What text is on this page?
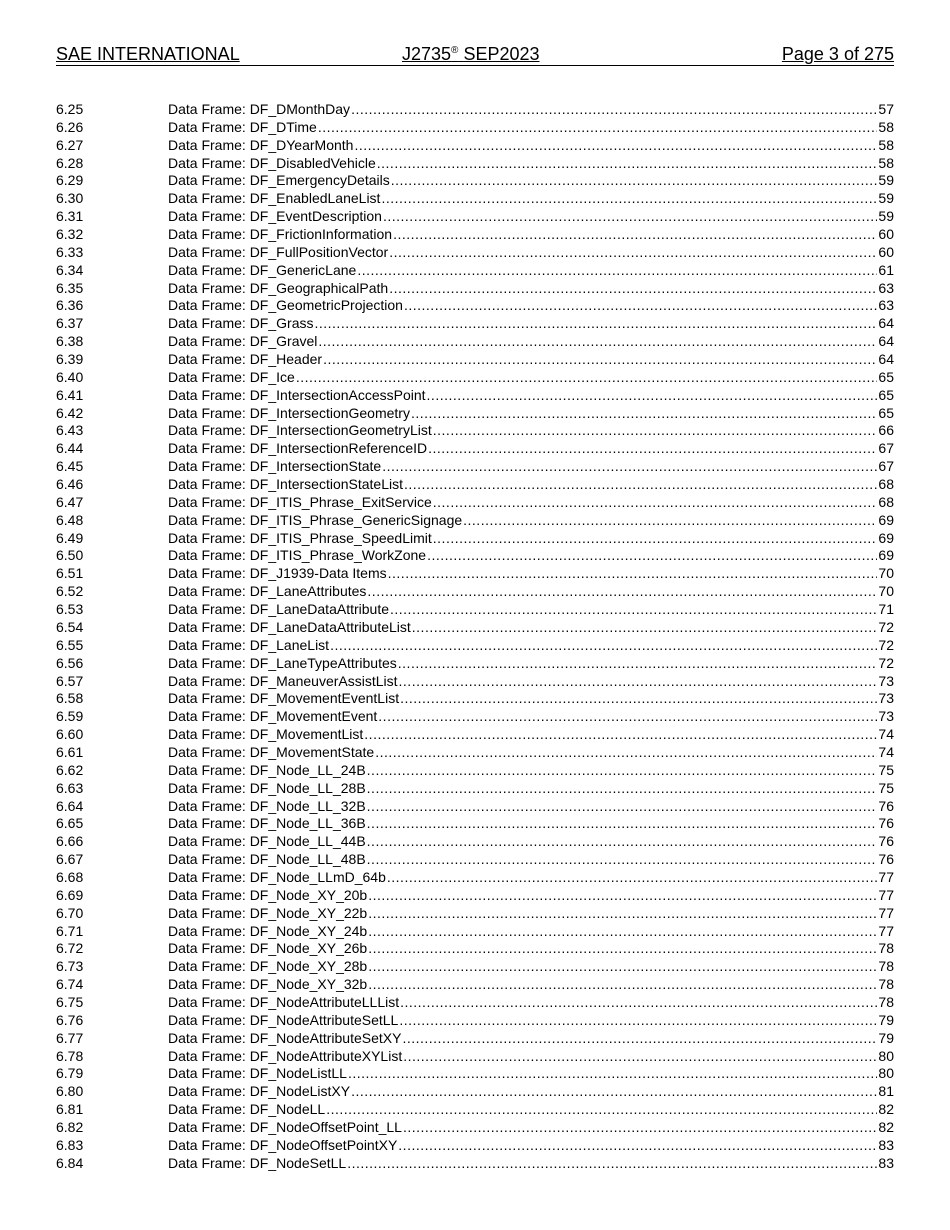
SAE INTERNATIONAL	J2735® SEP2023	Page 3 of 275
6.25	Data Frame: DF_DMonthDay .....	57
6.26	Data Frame: DF_DTime .....	58
6.27	Data Frame: DF_DYearMonth .....	58
6.28	Data Frame: DF_DisabledVehicle .....	58
6.29	Data Frame: DF_EmergencyDetails .....	59
6.30	Data Frame: DF_EnabledLaneList .....	59
6.31	Data Frame: DF_EventDescription .....	59
6.32	Data Frame: DF_FrictionInformation .....	60
6.33	Data Frame: DF_FullPositionVector .....	60
6.34	Data Frame: DF_GenericLane .....	61
6.35	Data Frame: DF_GeographicalPath .....	63
6.36	Data Frame: DF_GeometricProjection .....	63
6.37	Data Frame: DF_Grass .....	64
6.38	Data Frame: DF_Gravel .....	64
6.39	Data Frame: DF_Header .....	64
6.40	Data Frame: DF_Ice .....	65
6.41	Data Frame: DF_IntersectionAccessPoint .....	65
6.42	Data Frame: DF_IntersectionGeometry .....	65
6.43	Data Frame: DF_IntersectionGeometryList .....	66
6.44	Data Frame: DF_IntersectionReferenceID .....	67
6.45	Data Frame: DF_IntersectionState .....	67
6.46	Data Frame: DF_IntersectionStateList .....	68
6.47	Data Frame: DF_ITIS_Phrase_ExitService .....	68
6.48	Data Frame: DF_ITIS_Phrase_GenericSignage .....	69
6.49	Data Frame: DF_ITIS_Phrase_SpeedLimit .....	69
6.50	Data Frame: DF_ITIS_Phrase_WorkZone .....	69
6.51	Data Frame: DF_J1939-Data Items .....	70
6.52	Data Frame: DF_LaneAttributes .....	70
6.53	Data Frame: DF_LaneDataAttribute .....	71
6.54	Data Frame: DF_LaneDataAttributeList .....	72
6.55	Data Frame: DF_LaneList .....	72
6.56	Data Frame: DF_LaneTypeAttributes .....	72
6.57	Data Frame: DF_ManeuverAssistList .....	73
6.58	Data Frame: DF_MovementEventList .....	73
6.59	Data Frame: DF_MovementEvent .....	73
6.60	Data Frame: DF_MovementList .....	74
6.61	Data Frame: DF_MovementState .....	74
6.62	Data Frame: DF_Node_LL_24B .....	75
6.63	Data Frame: DF_Node_LL_28B .....	75
6.64	Data Frame: DF_Node_LL_32B .....	76
6.65	Data Frame: DF_Node_LL_36B .....	76
6.66	Data Frame: DF_Node_LL_44B .....	76
6.67	Data Frame: DF_Node_LL_48B .....	76
6.68	Data Frame: DF_Node_LLmD_64b .....	77
6.69	Data Frame: DF_Node_XY_20b .....	77
6.70	Data Frame: DF_Node_XY_22b .....	77
6.71	Data Frame: DF_Node_XY_24b .....	77
6.72	Data Frame: DF_Node_XY_26b .....	78
6.73	Data Frame: DF_Node_XY_28b .....	78
6.74	Data Frame: DF_Node_XY_32b .....	78
6.75	Data Frame: DF_NodeAttributeLLList .....	78
6.76	Data Frame: DF_NodeAttributeSetLL .....	79
6.77	Data Frame: DF_NodeAttributeSetXY .....	79
6.78	Data Frame: DF_NodeAttributeXYList .....	80
6.79	Data Frame: DF_NodeListLL .....	80
6.80	Data Frame: DF_NodeListXY .....	81
6.81	Data Frame: DF_NodeLL .....	82
6.82	Data Frame: DF_NodeOffsetPoint_LL .....	82
6.83	Data Frame: DF_NodeOffsetPointXY .....	83
6.84	Data Frame: DF_NodeSetLL .....	83
